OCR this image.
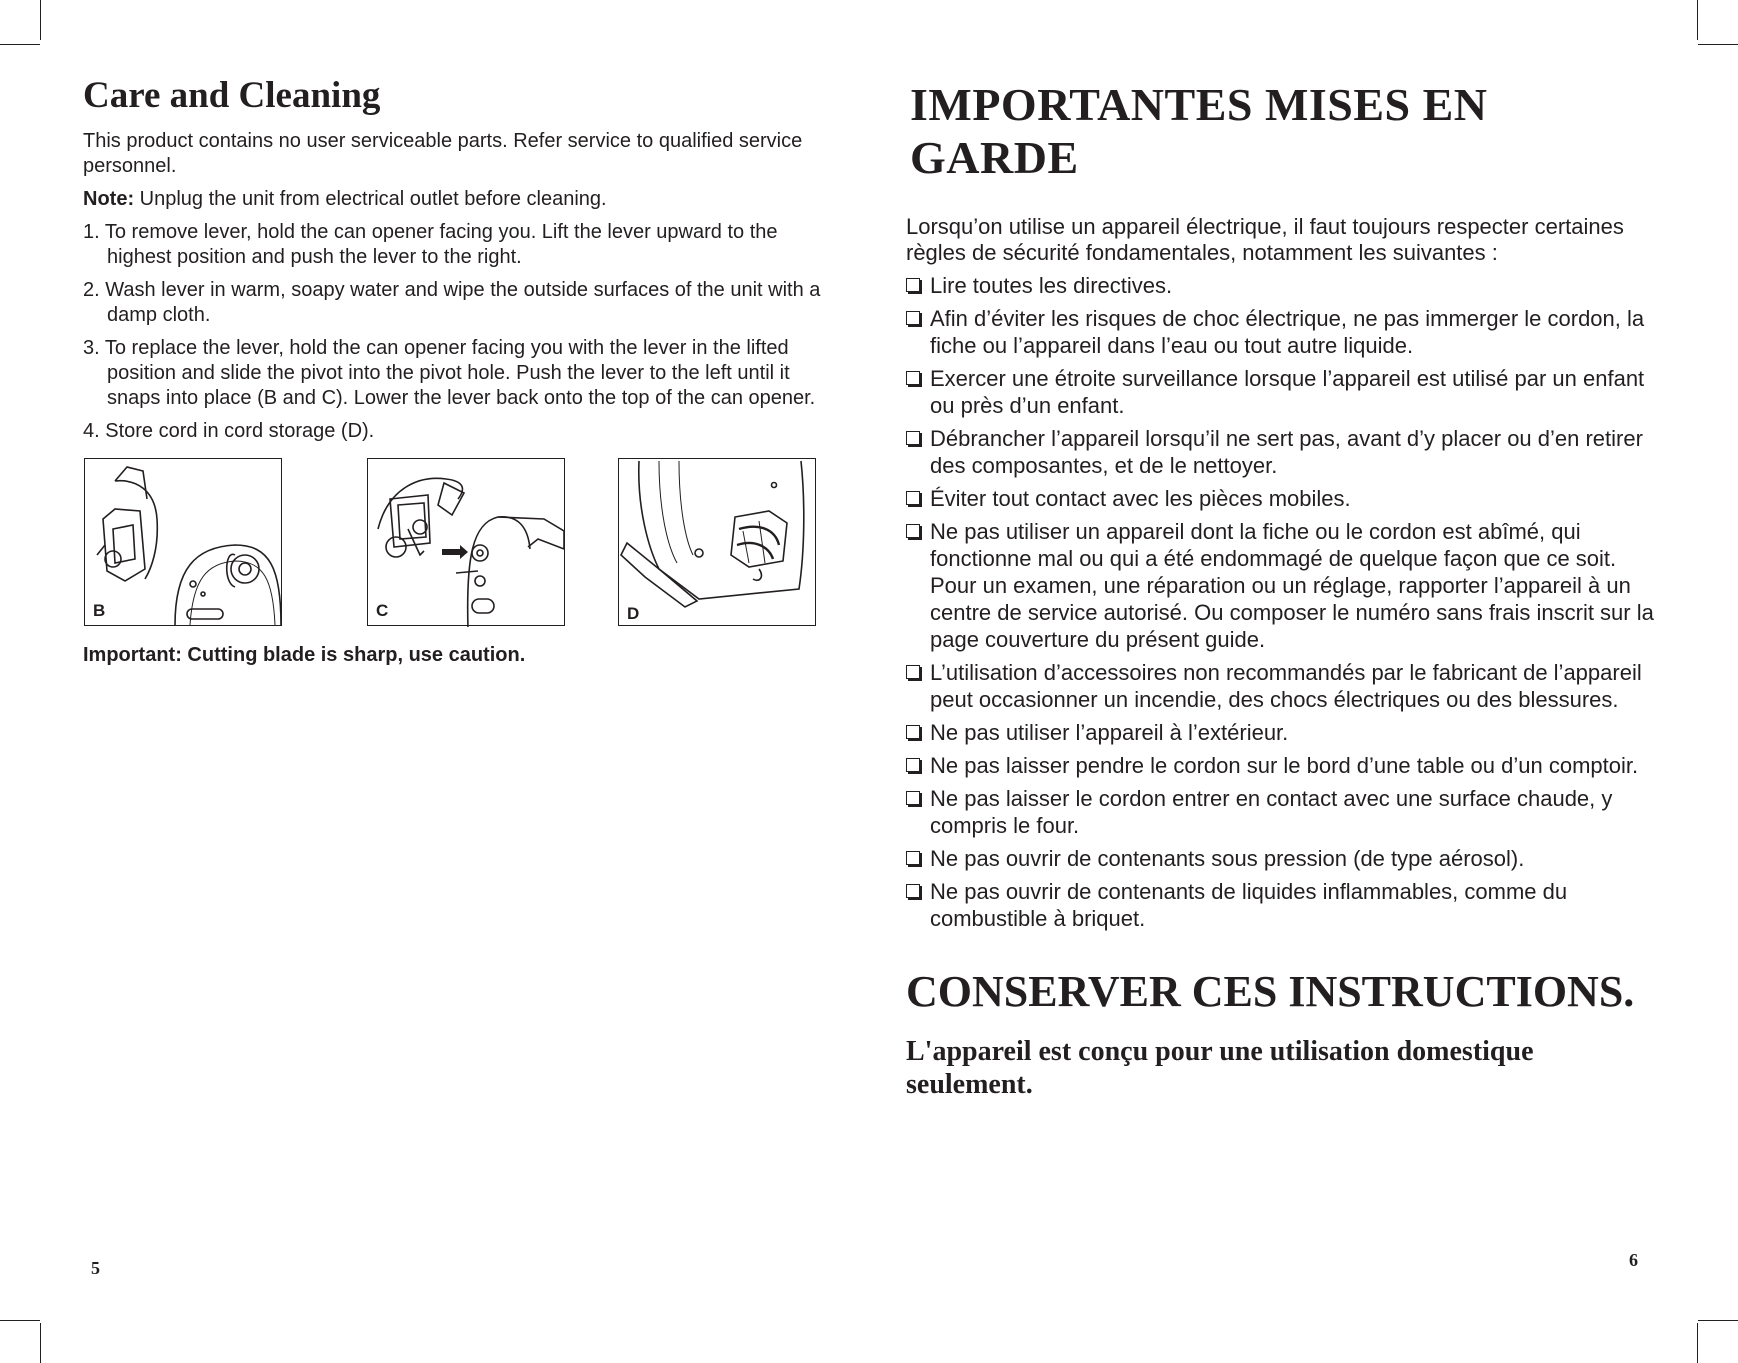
Care and Cleaning

This product contains no user serviceable parts. Refer service to qualified service personnel.

Note: Unplug the unit from electrical outlet before cleaning.

1. To remove lever, hold the can opener facing you. Lift the lever upward to the highest position and push the lever to the right.
2. Wash lever in warm, soapy water and wipe the outside surfaces of the unit with a damp cloth.
3. To replace the lever, hold the can opener facing you with the lever in the lifted position and slide the pivot into the pivot hole. Push the lever to the left until it snaps into place (B and C). Lower the lever back onto the top of the can opener.
4. Store cord in cord storage (D).
B	C	D

Important: Cutting blade is sharp, use caution.

5
IMPORTANTES MISES EN GARDE

Lorsqu’on utilise un appareil électrique, il faut toujours respecter certaines règles de sécurité fondamentales, notamment les suivantes :

Lire toutes les directives.
Afin d’éviter les risques de choc électrique, ne pas immerger le cordon, la fiche ou l’appareil dans l’eau ou tout autre liquide.
Exercer une étroite surveillance lorsque l’appareil est utilisé par un enfant ou près d’un enfant.
Débrancher l’appareil lorsqu’il ne sert pas, avant d’y placer ou d’en retirer des composantes, et de le nettoyer.
Éviter tout contact avec les pièces mobiles.
Ne pas utiliser un appareil dont la fiche ou le cordon est abîmé, qui fonctionne mal ou qui a été endommagé de quelque façon que ce soit. Pour un examen, une réparation ou un réglage, rapporter l’appareil à un centre de service autorisé. Ou composer le numéro sans frais inscrit sur la page couverture du présent guide.
L’utilisation d’accessoires non recommandés par le fabricant de l’appareil peut occasionner un incendie, des chocs électriques ou des blessures.
Ne pas utiliser l’appareil à l’extérieur.
Ne pas laisser pendre le cordon sur le bord d’une table ou d’un comptoir.
Ne pas laisser le cordon entrer en contact avec une surface chaude, y compris le four.
Ne pas ouvrir de contenants sous pression (de type aérosol).
Ne pas ouvrir de contenants de liquides inflammables, comme du combustible à briquet.
CONSERVER CES INSTRUCTIONS.

L'appareil est conçu pour une utilisation domestique seulement.

6
